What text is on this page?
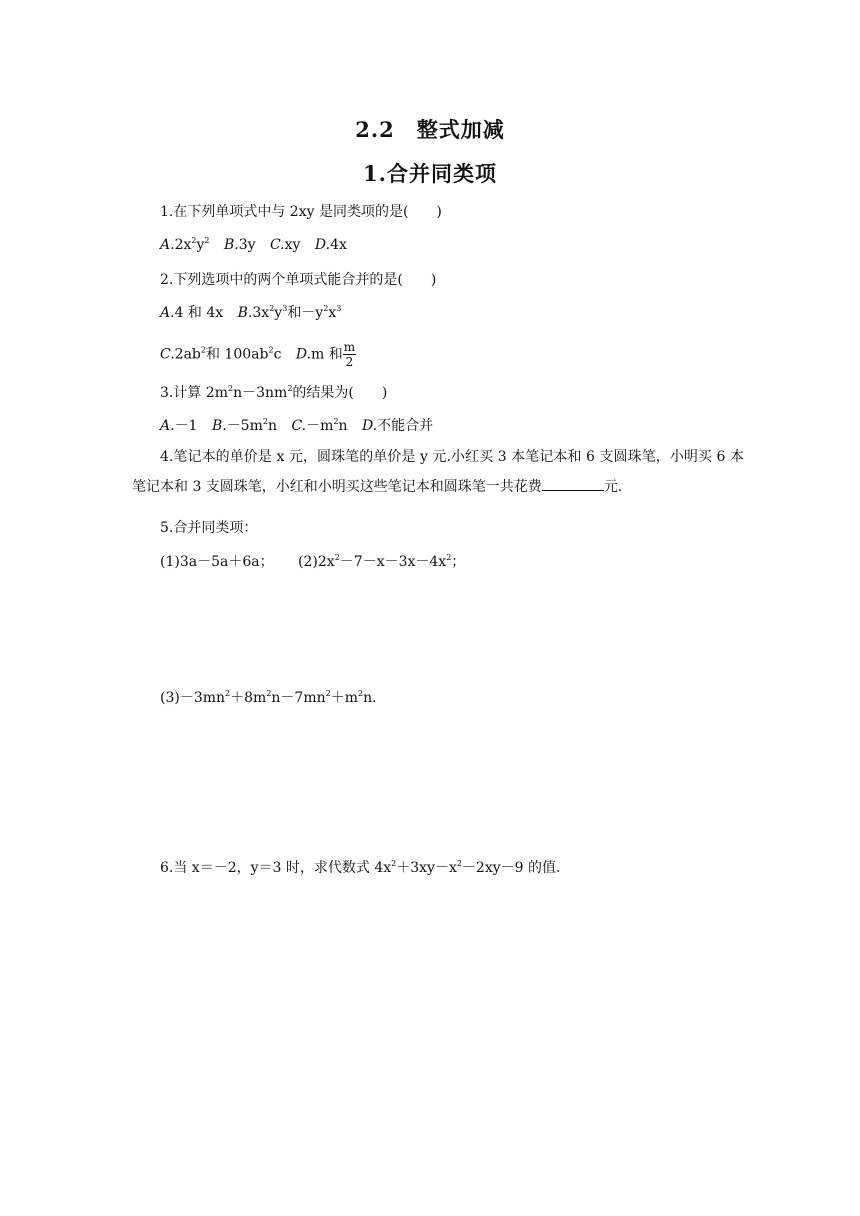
2.2　整式加减
1.合并同类项
1.在下列单项式中与 2xy 是同类项的是(　　)
$A.2x^2y^2$ B.3y C.xy D.4x
2.下列选项中的两个单项式能合并的是(　　)
A.4 和 4x $B.3x^2y^3$和$-y^2x^3$
$C.2ab^2$和 $100ab^2c$ D.m 和 $\frac{m}{2}$
3.计算 $2m^2n-3nm^2$的结果为(　　)
A.－1 $B.-5m^2n$ $C.-m^2n$ D.不能合并
4.笔记本的单价是 x 元，圆珠笔的单价是 y 元.小红买 3 本笔记本和 6 支圆珠笔，小明买 6 本笔记本和 3 支圆珠笔，小红和小明买这些笔记本和圆珠笔一共花费	元.
5.合并同类项：
(1)3a－5a＋6a； $(2)2x^2-7-x-3x-4x^2$；
$(3)-3mn^2+8m^2n-7mn^2+m^2n$.
6.当 x＝－2，y＝3 时，求代数式 $4x^2+3xy-x^2-2xy-9$ 的值.
